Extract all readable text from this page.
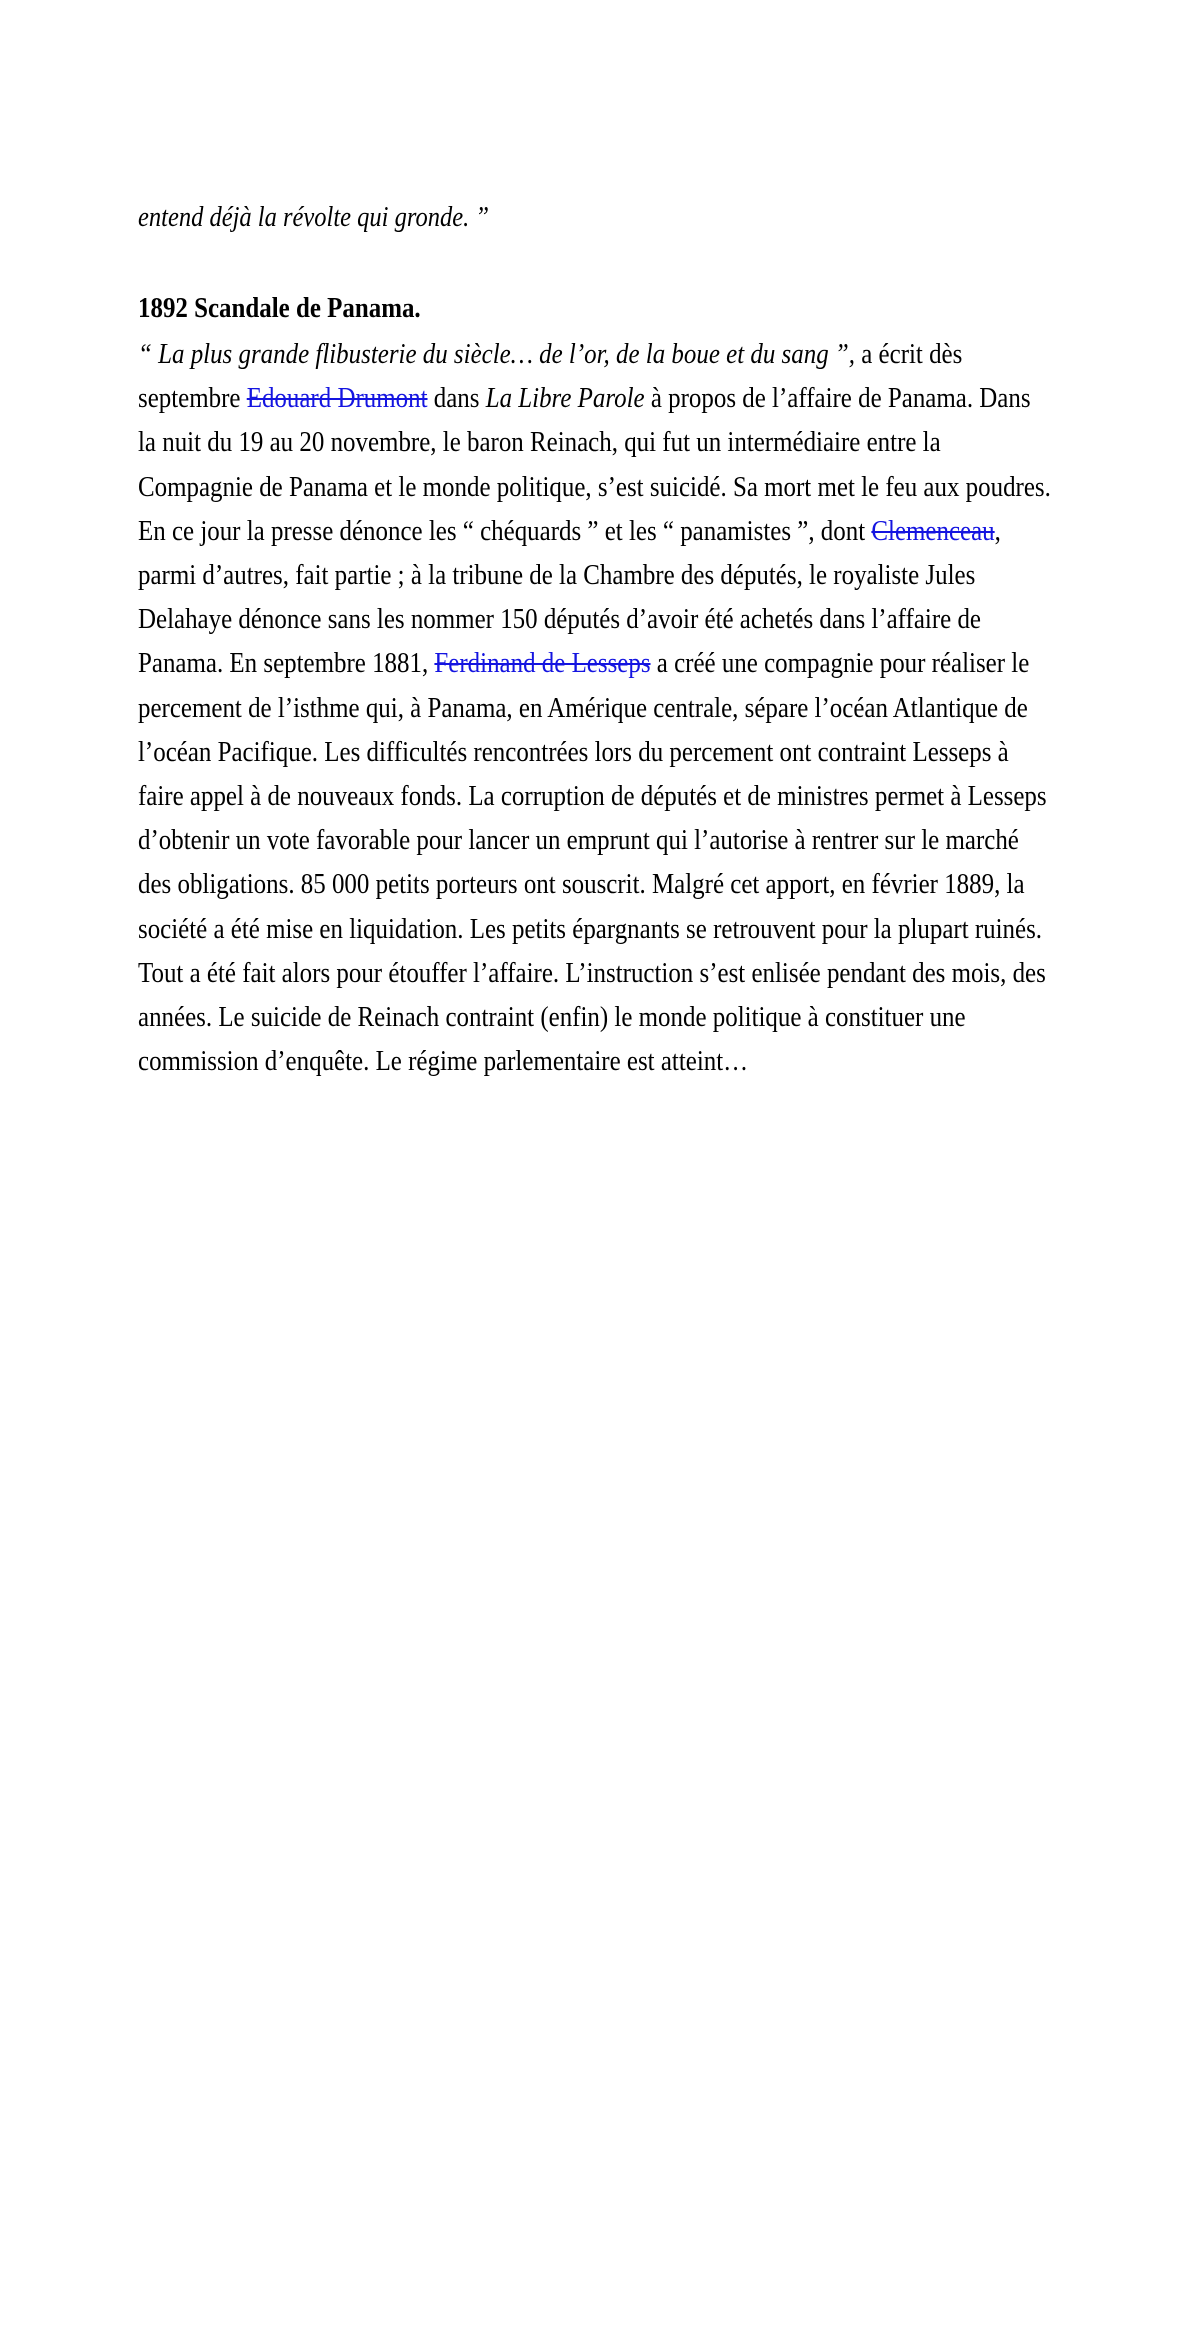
entend déjà la révolte qui gronde. ”

1892 Scandale de Panama.

“ La plus grande flibusterie du siècle… de l’or, de la boue et du sang ”, a écrit dès septembre Edouard Drumont dans La Libre Parole à propos de l’affaire de Panama. Dans la nuit du 19 au 20 novembre, le baron Reinach, qui fut un intermédiaire entre la Compagnie de Panama et le monde politique, s’est suicidé. Sa mort met le feu aux poudres. En ce jour la presse dénonce les “ chéquards ” et les “ panamistes ”, dont Clemenceau, parmi d’autres, fait partie ; à la tribune de la Chambre des députés, le royaliste Jules Delahaye dénonce sans les nommer 150 députés d’avoir été achetés dans l’affaire de Panama. En septembre 1881, Ferdinand de Lesseps a créé une compagnie pour réaliser le percement de l’isthme qui, à Panama, en Amérique centrale, sépare l’océan Atlantique de l’océan Pacifique. Les difficultés rencontrées lors du percement ont contraint Lesseps à faire appel à de nouveaux fonds. La corruption de députés et de ministres permet à Lesseps d’obtenir un vote favorable pour lancer un emprunt qui l’autorise à rentrer sur le marché des obligations. 85 000 petits porteurs ont souscrit. Malgré cet apport, en février 1889, la société a été mise en liquidation. Les petits épargnants se retrouvent pour la plupart ruinés. Tout a été fait alors pour étouffer l’affaire. L’instruction s’est enlisée pendant des mois, des années. Le suicide de Reinach contraint (enfin) le monde politique à constituer une commission d’enquête. Le régime parlementaire est atteint…
